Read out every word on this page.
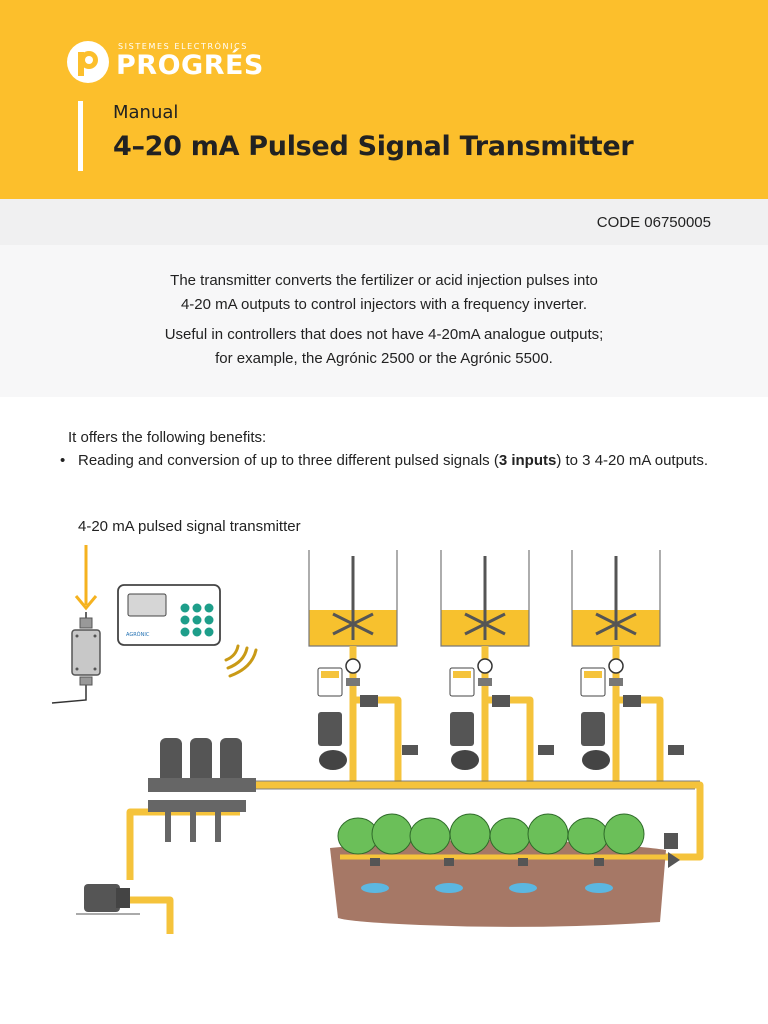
SISTEMES ELECTRÒNICS
PROGRÉS
Manual
4–20 mA Pulsed Signal Transmitter
CODE 06750005
The transmitter converts the fertilizer or acid injection pulses into
4-20 mA outputs to control injectors with a frequency inverter.
Useful in controllers that does not have 4-20mA analogue outputs;
for example, the Agrónic 2500 or the Agrónic 5500.
It offers the following benefits:
• Reading and conversion of up to three different pulsed signals (3 inputs) to 3 4-20 mA outputs.
4-20 mA pulsed signal transmitter
AGRÓNIC
